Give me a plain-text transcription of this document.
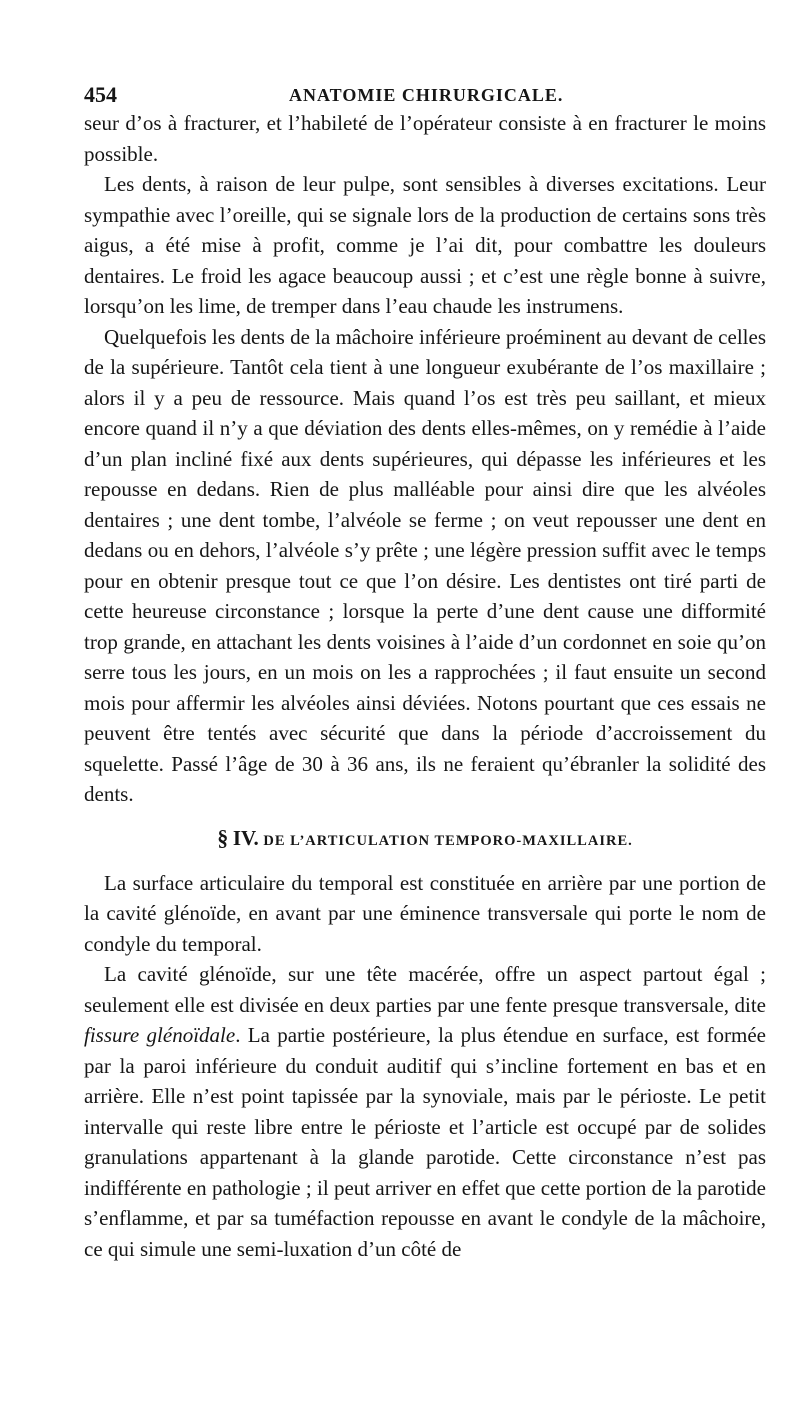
454	ANATOMIE CHIRURGICALE.

seur d’os à fracturer, et l’habileté de l’opérateur consiste à en fracturer le moins possible.

Les dents, à raison de leur pulpe, sont sensibles à diverses excitations. Leur sympathie avec l’oreille, qui se signale lors de la production de certains sons très aigus, a été mise à profit, comme je l’ai dit, pour combattre les douleurs dentaires. Le froid les agace beaucoup aussi ; et c’est une règle bonne à suivre, lorsqu’on les lime, de tremper dans l’eau chaude les instrumens.

Quelquefois les dents de la mâchoire inférieure proéminent au devant de celles de la supérieure. Tantôt cela tient à une longueur exubérante de l’os maxillaire ; alors il y a peu de ressource. Mais quand l’os est très peu saillant, et mieux encore quand il n’y a que déviation des dents elles-mêmes, on y remédie à l’aide d’un plan incliné fixé aux dents supérieures, qui dépasse les inférieures et les repousse en dedans. Rien de plus malléable pour ainsi dire que les alvéoles dentaires ; une dent tombe, l’alvéole se ferme ; on veut repousser une dent en dedans ou en dehors, l’alvéole s’y prête ; une légère pression suffit avec le temps pour en obtenir presque tout ce que l’on désire. Les dentistes ont tiré parti de cette heureuse circonstance ; lorsque la perte d’une dent cause une difformité trop grande, en attachant les dents voisines à l’aide d’un cordonnet en soie qu’on serre tous les jours, en un mois on les a rapprochées ; il faut ensuite un second mois pour affermir les alvéoles ainsi déviées. Notons pourtant que ces essais ne peuvent être tentés avec sécurité que dans la période d’accroissement du squelette. Passé l’âge de 30 à 36 ans, ils ne feraient qu’ébranler la solidité des dents.

§ IV. DE L’ARTICULATION TEMPORO-MAXILLAIRE.

La surface articulaire du temporal est constituée en arrière par une portion de la cavité glénoïde, en avant par une éminence transversale qui porte le nom de condyle du temporal.

La cavité glénoïde, sur une tête macérée, offre un aspect partout égal ; seulement elle est divisée en deux parties par une fente presque transversale, dite fissure glénoïdale. La partie postérieure, la plus étendue en surface, est formée par la paroi inférieure du conduit auditif qui s’incline fortement en bas et en arrière. Elle n’est point tapissée par la synoviale, mais par le périoste. Le petit intervalle qui reste libre entre le périoste et l’article est occupé par de solides granulations appartenant à la glande parotide. Cette circonstance n’est pas indifférente en pathologie ; il peut arriver en effet que cette portion de la parotide s’enflamme, et par sa tuméfaction repousse en avant le condyle de la mâchoire, ce qui simule une semi-luxation d’un côté de
